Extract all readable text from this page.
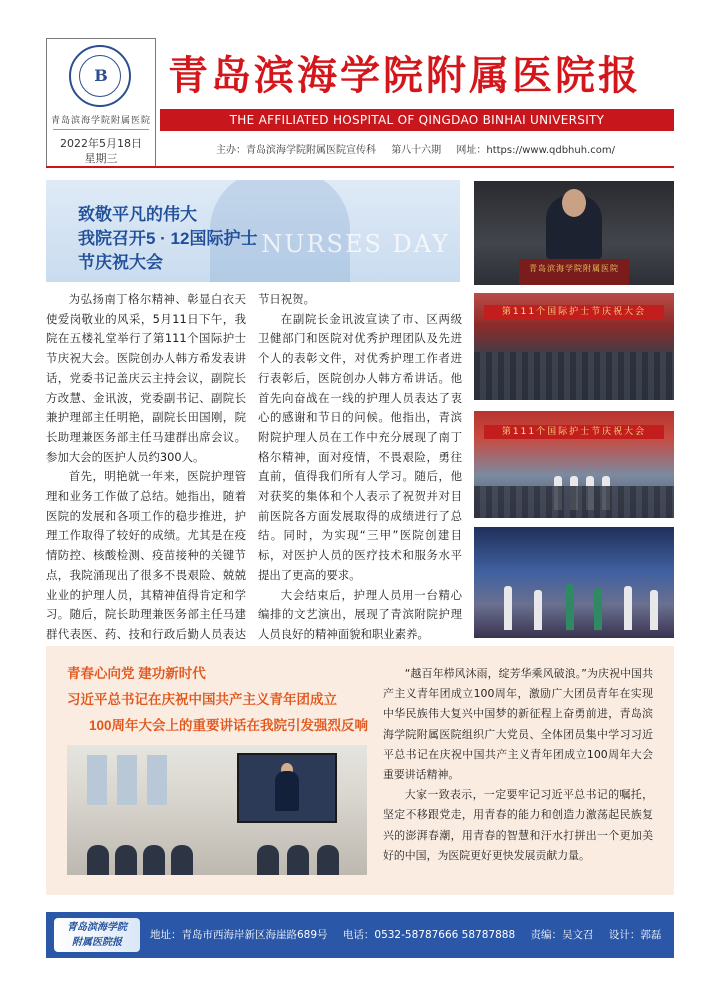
B
青岛滨海学院附属医院
2022年5月18日
星期三
青岛滨海学院附属医院报
THE AFFILIATED HOSPITAL OF QINGDAO BINHAI UNIVERSITY
主办：青岛滨海学院附属医院宣传科 第八十六期 网址：https://www.qdbhuh.com/
NURSES DAY
致敬平凡的伟大
我院召开5 · 12国际护士
节庆祝大会

为弘扬南丁格尔精神、彰显白衣天使爱岗敬业的风采，5月11日下午，我院在五楼礼堂举行了第111个国际护士节庆祝大会。医院创办人韩方希发表讲话，党委书记盖庆云主持会议，副院长方改慧、金讯波，党委副书记、副院长兼护理部主任明艳，副院长田国刚，院长助理兼医务部主任马建群出席会议。参加大会的医护人员约300人。

首先，明艳就一年来，医院护理管理和业务工作做了总结。她指出，随着医院的发展和各项工作的稳步推进，护理工作取得了较好的成绩。尤其是在疫情防控、核酸检测、疫苗接种的关键节点，我院涌现出了很多不畏艰险、兢兢业业的护理人员，其精神值得肯定和学习。随后，院长助理兼医务部主任马建群代表医、药、技和行政后勤人员表达

节日祝贺。

在副院长金讯波宣读了市、区两级卫健部门和医院对优秀护理团队及先进个人的表彰文件，对优秀护理工作者进行表彰后，医院创办人韩方希讲话。他首先向奋战在一线的护理人员表达了衷心的感谢和节日的问候。他指出，青滨附院护理人员在工作中充分展现了南丁格尔精神，面对疫情，不畏艰险，勇往直前，值得我们所有人学习。随后，他对获奖的集体和个人表示了祝贺并对目前医院各方面发展取得的成绩进行了总结。同时，为实现“三甲”医院创建目标，对医护人员的医疗技术和服务水平提出了更高的要求。

大会结束后，护理人员用一台精心编排的文艺演出，展现了青滨附院护理人员良好的精神面貌和职业素养。

青岛滨海学院附属医院
第111个国际护士节庆祝大会
第111个国际护士节庆祝大会
青春心向党 建功新时代
习近平总书记在庆祝中国共产主义青年团成立
100周年大会上的重要讲话在我院引发强烈反响

“越百年栉风沐雨，绽芳华乘风破浪。”为庆祝中国共产主义青年团成立100周年，激励广大团员青年在实现中华民族伟大复兴中国梦的新征程上奋勇前进，青岛滨海学院附属医院组织广大党员、全体团员集中学习习近平总书记在庆祝中国共产主义青年团成立100周年大会重要讲话精神。

大家一致表示，一定要牢记习近平总书记的嘱托，坚定不移跟党走，用青春的能力和创造力激荡起民族复兴的澎湃春潮，用青春的智慧和汗水打拼出一个更加美好的中国，为医院更好更快发展贡献力量。

青岛滨海学院
附属医院报
地址：青岛市西海岸新区海崖路689号 电话：0532-58787666 58787888 责编：吴文召 设计：郭磊
